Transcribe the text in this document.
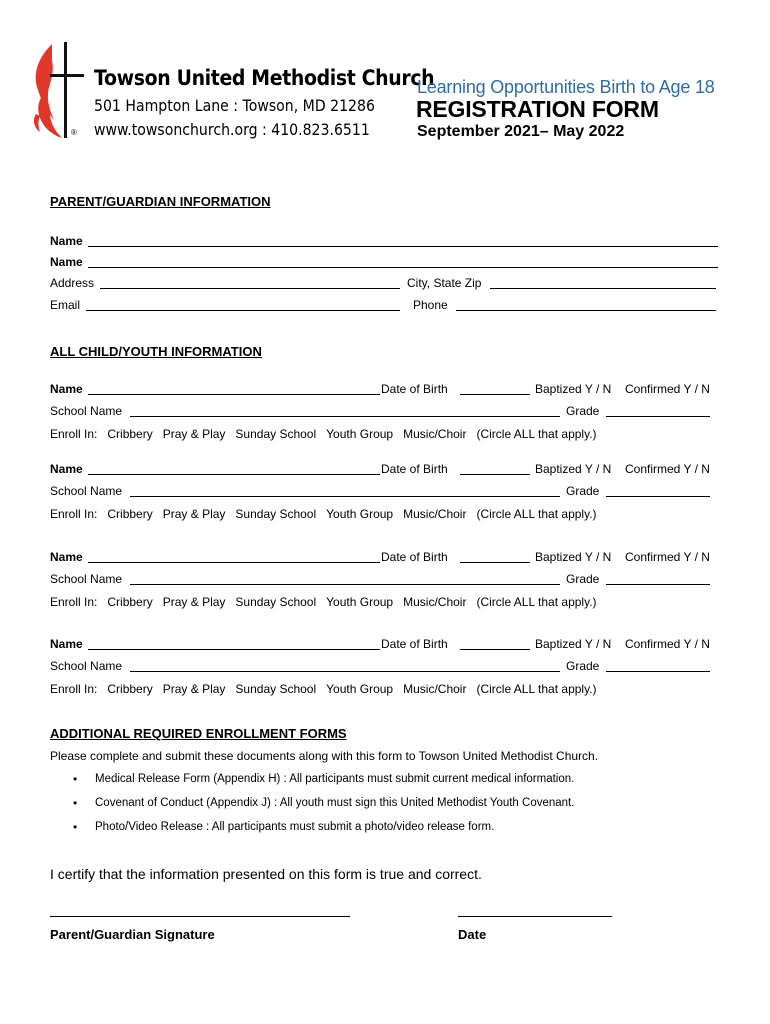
®
Towson United Methodist Church
501 Hampton Lane : Towson, MD 21286
www.towsonchurch.org : 410.823.6511
Learning Opportunities Birth to Age 18
REGISTRATION FORM
September 2021– May 2022
PARENT/GUARDIAN INFORMATION
Name
Name
Address	City, State Zip
Email	Phone
ALL CHILD/YOUTH INFORMATION
Name	Date of Birth	Baptized Y / N Confirmed Y / N
School Name	Grade
Enroll In: Cribbery Pray & Play Sunday School Youth Group Music/Choir (Circle ALL that apply.)
Name	Date of Birth	Baptized Y / N Confirmed Y / N
School Name	Grade
Enroll In: Cribbery Pray & Play Sunday School Youth Group Music/Choir (Circle ALL that apply.)
Name	Date of Birth	Baptized Y / N Confirmed Y / N
School Name	Grade
Enroll In: Cribbery Pray & Play Sunday School Youth Group Music/Choir (Circle ALL that apply.)
Name	Date of Birth	Baptized Y / N Confirmed Y / N
School Name	Grade
Enroll In: Cribbery Pray & Play Sunday School Youth Group Music/Choir (Circle ALL that apply.)
ADDITIONAL REQUIRED ENROLLMENT FORMS
Please complete and submit these documents along with this form to Towson United Methodist Church.
• Medical Release Form (Appendix H) : All participants must submit current medical information.
• Covenant of Conduct (Appendix J) : All youth must sign this United Methodist Youth Covenant.
• Photo/Video Release : All participants must submit a photo/video release form.
I certify that the information presented on this form is true and correct.
Parent/Guardian Signature	Date
